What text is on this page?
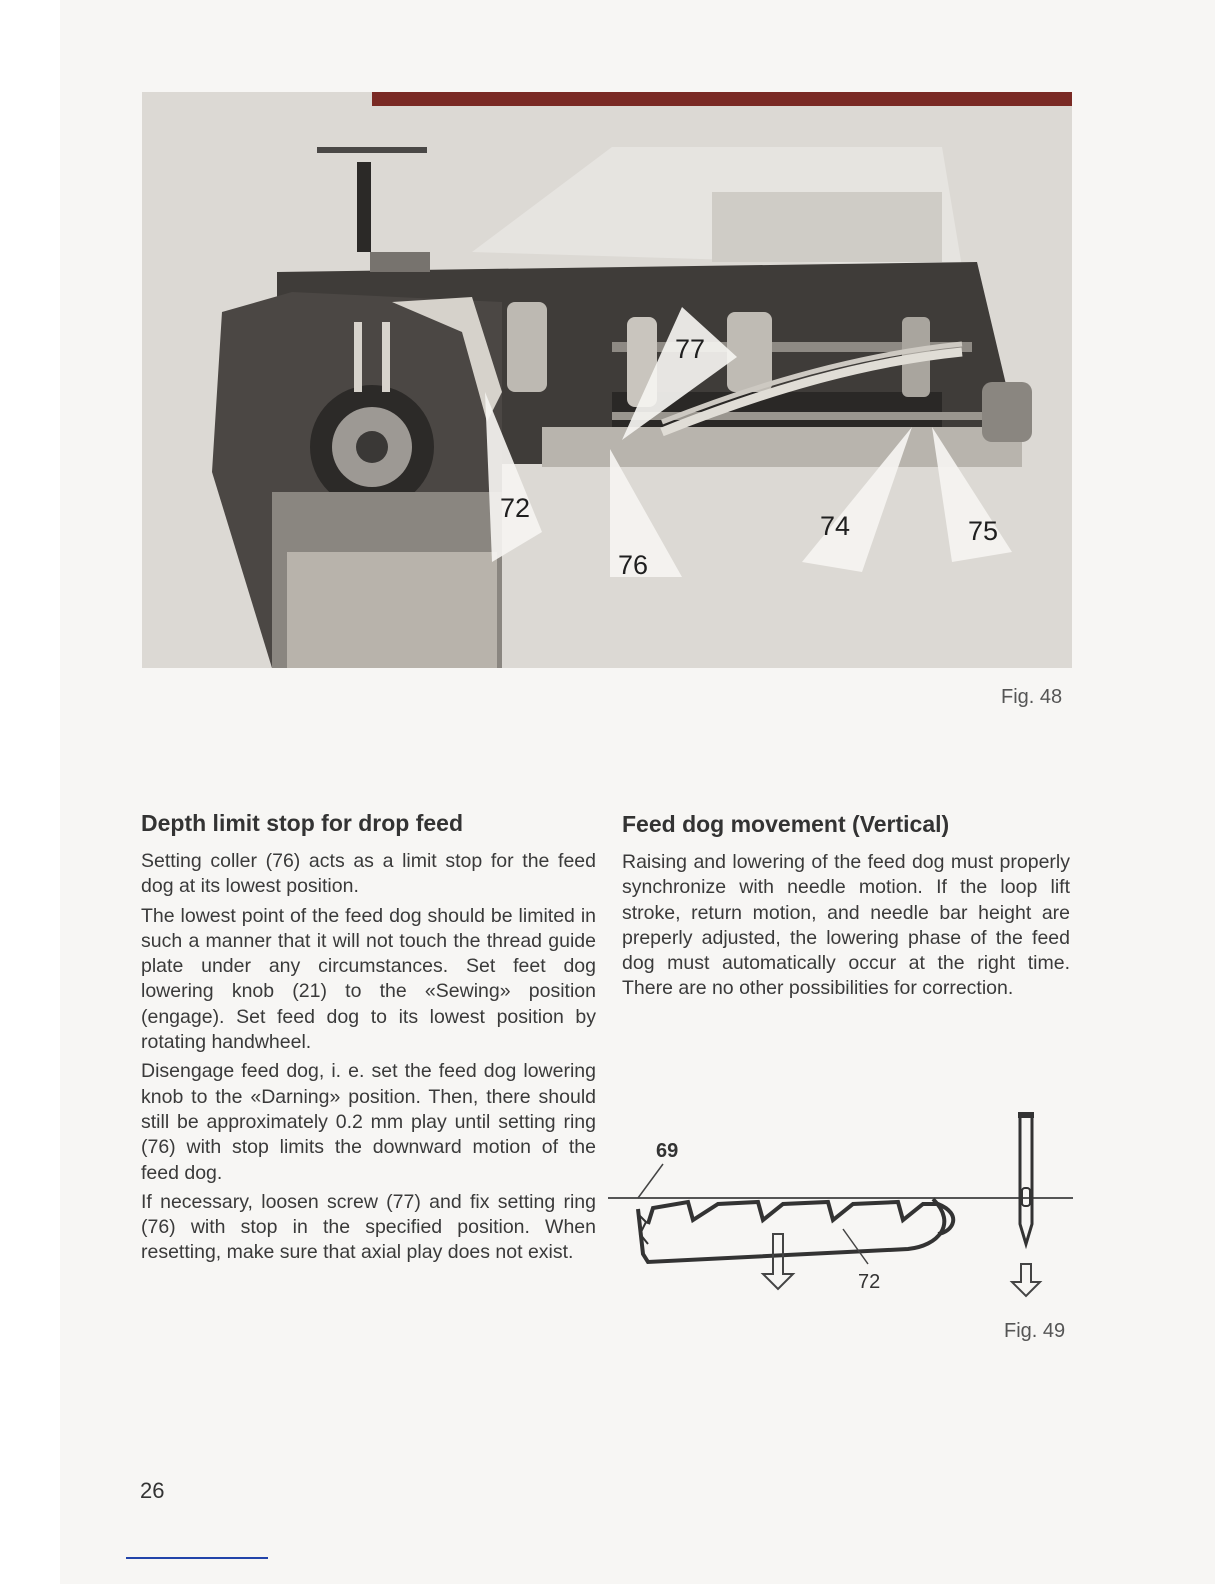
72
76
77
74	75
Fig. 48
Depth limit stop for drop feed

Setting coller (76) acts as a limit stop for the feed dog at its lowest position.

The lowest point of the feed dog should be limited in such a manner that it will not touch the thread guide plate under any circumstances. Set feet dog lowering knob (21) to the «Sewing» position (engage). Set feed dog to its lowest position by rotating handwheel.

Disengage feed dog, i. e. set the feed dog lowering knob to the «Darning» position. Then, there should still be approximately 0.2 mm play until setting ring (76) with stop limits the downward motion of the feed dog.

If necessary, loosen screw (77) and fix setting ring (76) with stop in the specified position. When resetting, make sure that axial play does not exist.

Feed dog movement (Vertical)

Raising and lowering of the feed dog must properly synchronize with needle motion. If the loop lift stroke, return motion, and needle bar height are preperly adjusted, the lowering phase of the feed dog must automatically occur at the right time. There are no other possibilities for correction.

69
72
Fig. 49
26
